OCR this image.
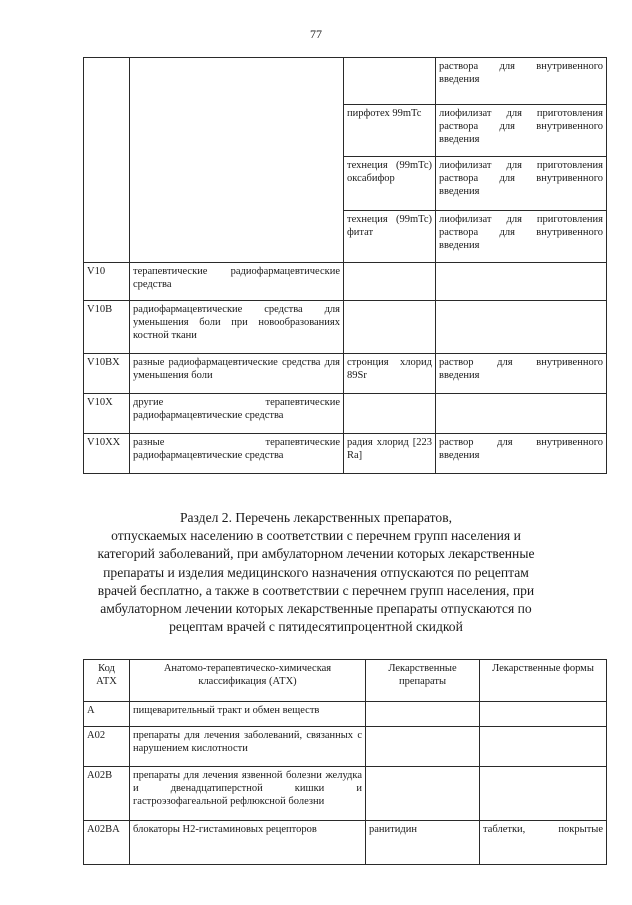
77
			раствора для внутривенного введения
		пирфотех 99mTc	лиофилизат для приготовления раствора для внутривенного введения
		технеция (99mTc) оксабифор	лиофилизат для приготовления раствора для внутривенного введения
		технеция (99mTc) фитат	лиофилизат для приготовления раствора для внутривенного введения
V10	терапевтические радиофармацевтические средства		
V10B	радиофармацевтические средства для уменьшения боли при новообразованиях костной ткани		
V10BX	разные радиофармацевтические средства для уменьшения боли	стронция хлорид 89Sr	раствор для внутривенного введения
V10X	другие терапевтические радиофармацевтические средства		
V10XX	разные терапевтические радиофармацевтические средства	радия хлорид [223 Ra]	раствор для внутривенного введения
Раздел 2. Перечень лекарственных препаратов,
отпускаемых населению в соответствии с перечнем групп населения и
категорий заболеваний, при амбулаторном лечении которых лекарственные
препараты и изделия медицинского назначения отпускаются по рецептам
врачей бесплатно, а также в соответствии с перечнем групп населения, при
амбулаторном лечении которых лекарственные препараты отпускаются по
рецептам врачей с пятидесятипроцентной скидкой
Код АТХ	Анатомо-терапевтическо-химическая классификация (АТХ)	Лекарственные препараты	Лекарственные формы
A	пищеварительный тракт и обмен веществ		
A02	препараты для лечения заболеваний, связанных с нарушением кислотности		
A02B	препараты для лечения язвенной болезни желудка и двенадцатиперстной кишки и гастроэзофагеальной рефлюксной болезни		
A02BA	блокаторы H2-гистаминовых рецепторов	ранитидин	таблетки, покрытые
